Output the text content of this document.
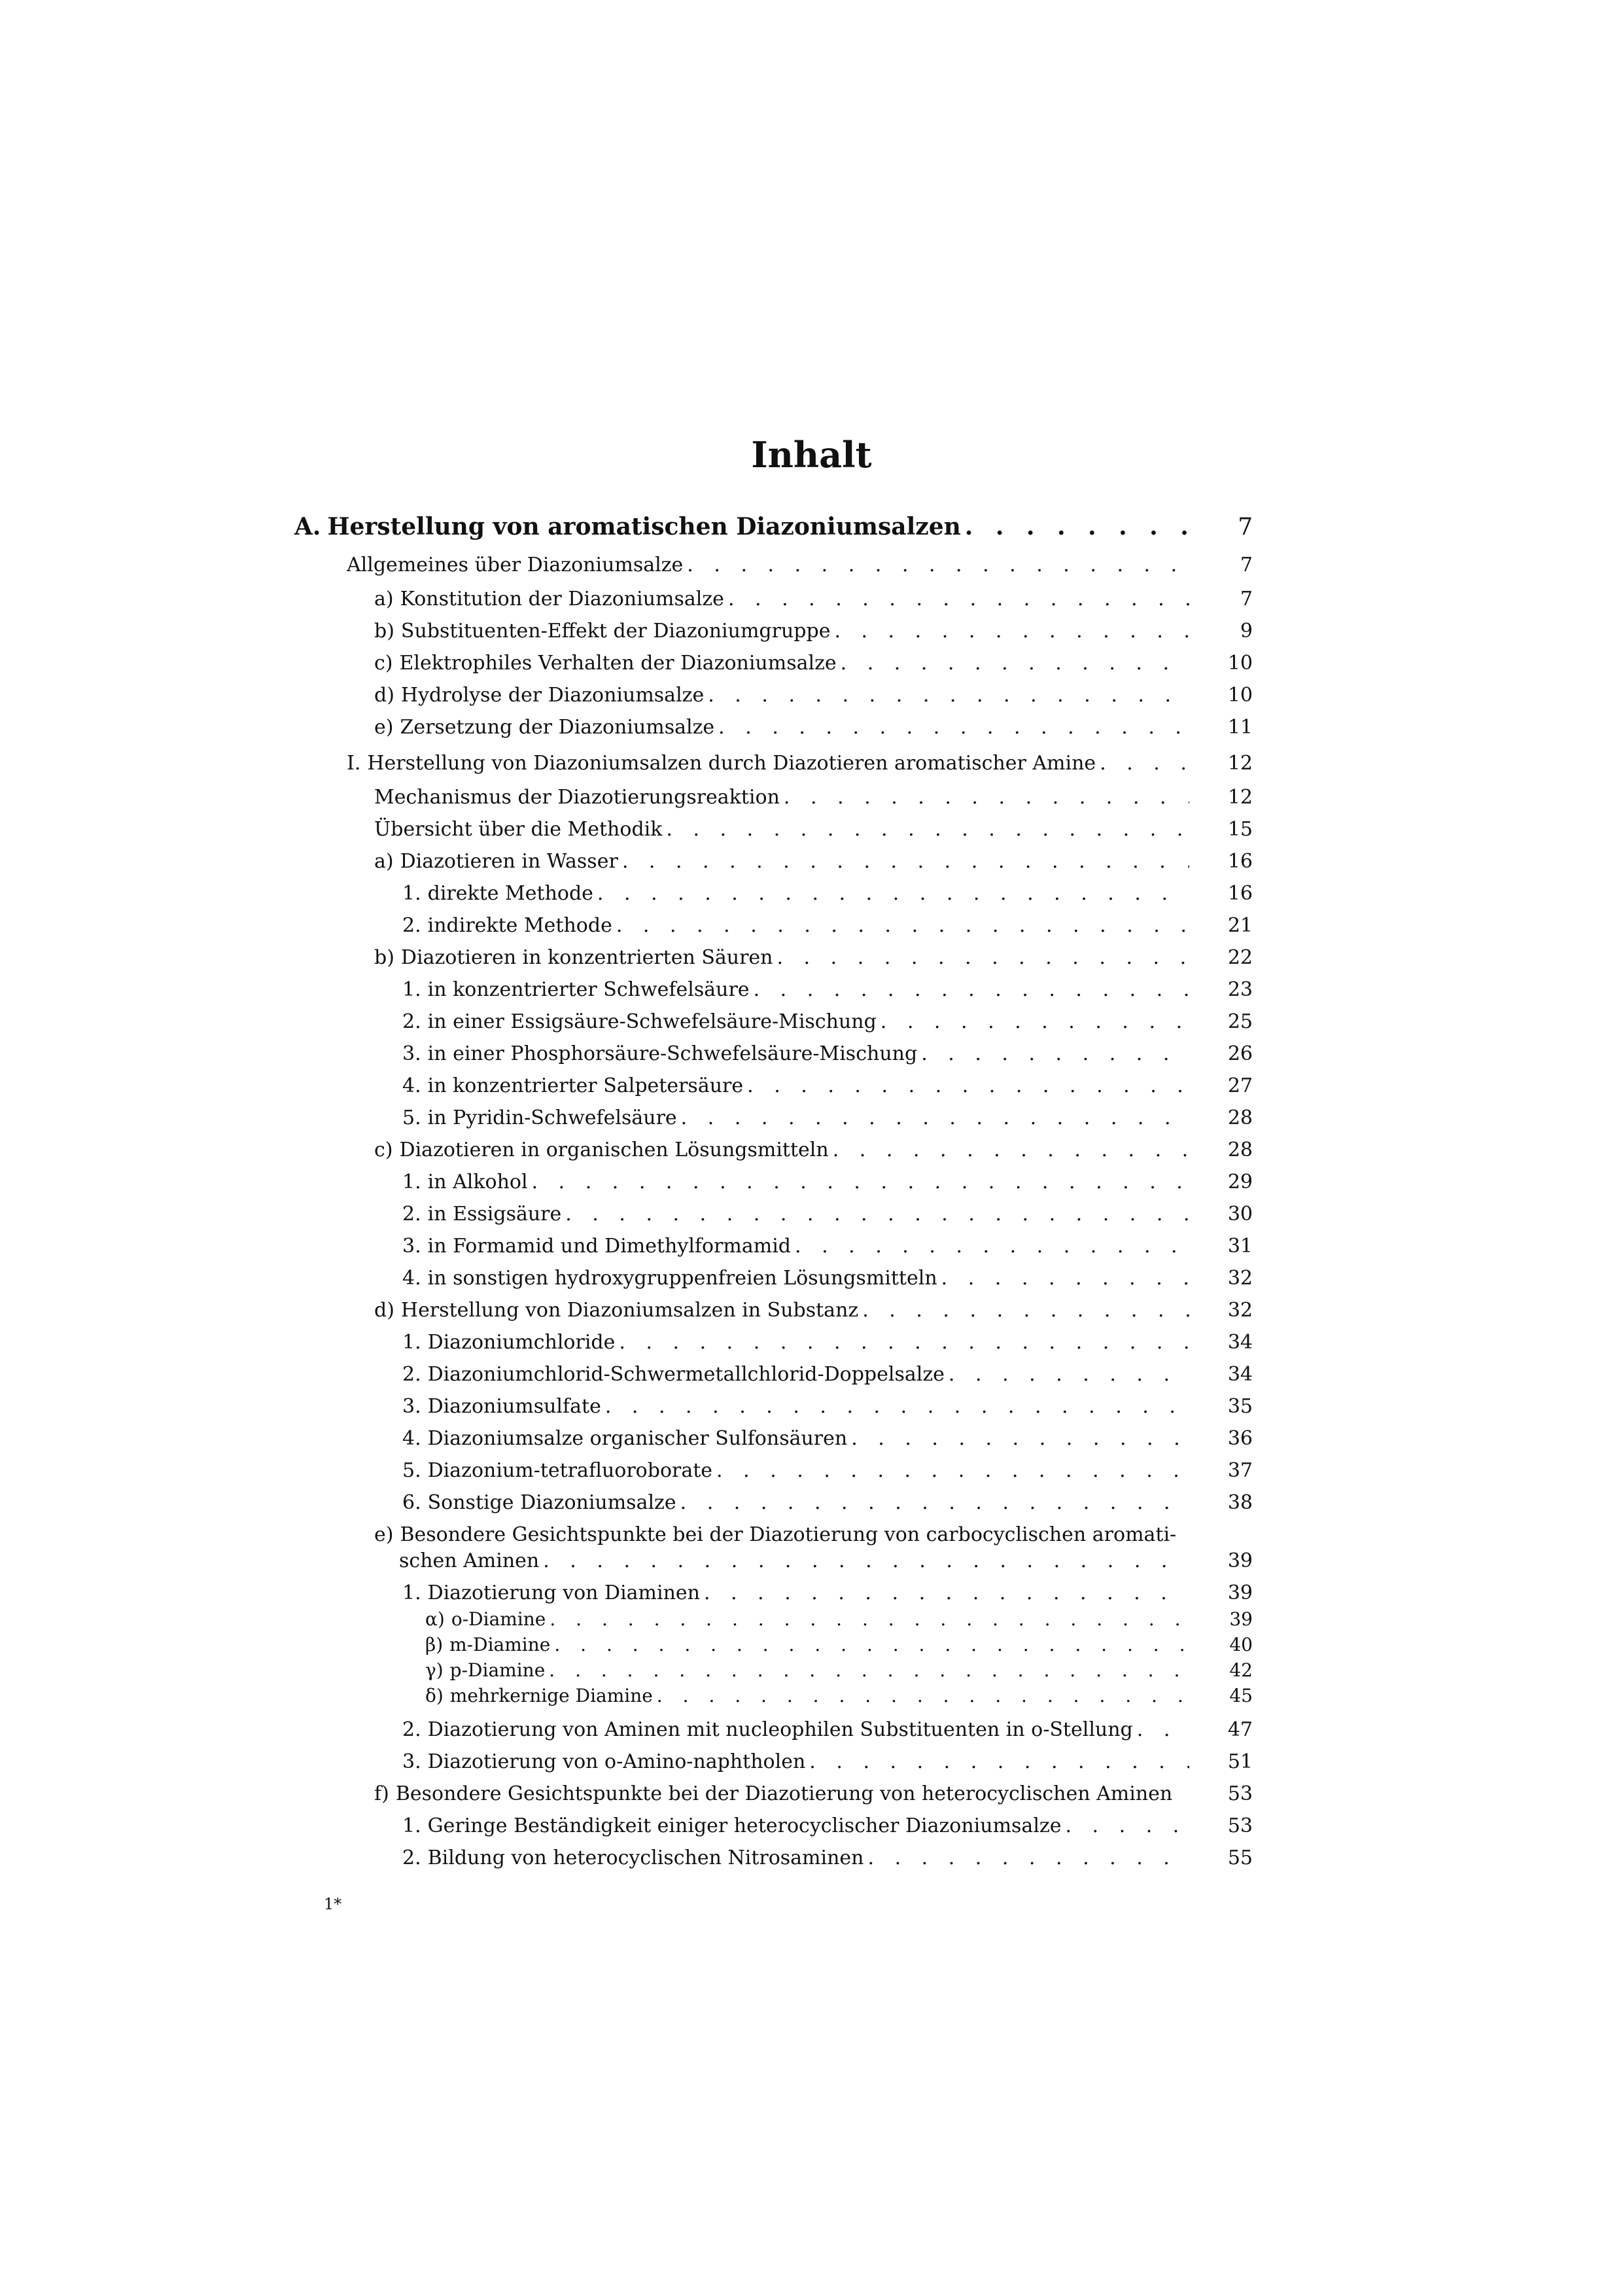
Inhalt
A. Herstellung von aromatischen Diazoniumsalzen . . .	7
Allgemeines über Diazoniumsalze . . .	7
a) Konstitution der Diazoniumsalze . . .	7
b) Substituenten-Effekt der Diazoniumgruppe . . .	9
c) Elektrophiles Verhalten der Diazoniumsalze . . .	10
d) Hydrolyse der Diazoniumsalze . . .	10
e) Zersetzung der Diazoniumsalze . . .	11
I. Herstellung von Diazoniumsalzen durch Diazotieren aromatischer Amine . . .	12
Mechanismus der Diazotierungsreaktion . . .	12
Übersicht über die Methodik . . .	15
a) Diazotieren in Wasser . . .	16
1. direkte Methode . . .	16
2. indirekte Methode . . .	21
b) Diazotieren in konzentrierten Säuren . . .	22
1. in konzentrierter Schwefelsäure . . .	23
2. in einer Essigsäure-Schwefelsäure-Mischung . . .	25
3. in einer Phosphorsäure-Schwefelsäure-Mischung . . .	26
4. in konzentrierter Salpetersäure . . .	27
5. in Pyridin-Schwefelsäure . . .	28
c) Diazotieren in organischen Lösungsmitteln . . .	28
1. in Alkohol . . .	29
2. in Essigsäure . . .	30
3. in Formamid und Dimethylformamid . . .	31
4. in sonstigen hydroxygruppenfreien Lösungsmitteln . . .	32
d) Herstellung von Diazoniumsalzen in Substanz . . .	32
1. Diazoniumchloride . . .	34
2. Diazoniumchlorid-Schwermetallchlorid-Doppelsalze . . .	34
3. Diazoniumsulfate . . .	35
4. Diazoniumsalze organischer Sulfonsäuren . . .	36
5. Diazonium-tetrafluoroborate . . .	37
6. Sonstige Diazoniumsalze . . .	38
e) Besondere Gesichtspunkte bei der Diazotierung von carbocyclischen aromati-
schen Aminen . . .	39
1. Diazotierung von Diaminen . . .	39
α) o-Diamine . . .	39
β) m-Diamine . . .	40
γ) p-Diamine . . .	42
δ) mehrkernige Diamine . . .	45
2. Diazotierung von Aminen mit nucleophilen Substituenten in o-Stellung . . .	47
3. Diazotierung von o-Amino-naphtholen . . .	51
f) Besondere Gesichtspunkte bei der Diazotierung von heterocyclischen Aminen	53
1. Geringe Beständigkeit einiger heterocyclischer Diazoniumsalze . . .	53
2. Bildung von heterocyclischen Nitrosaminen . . .	55
1*
